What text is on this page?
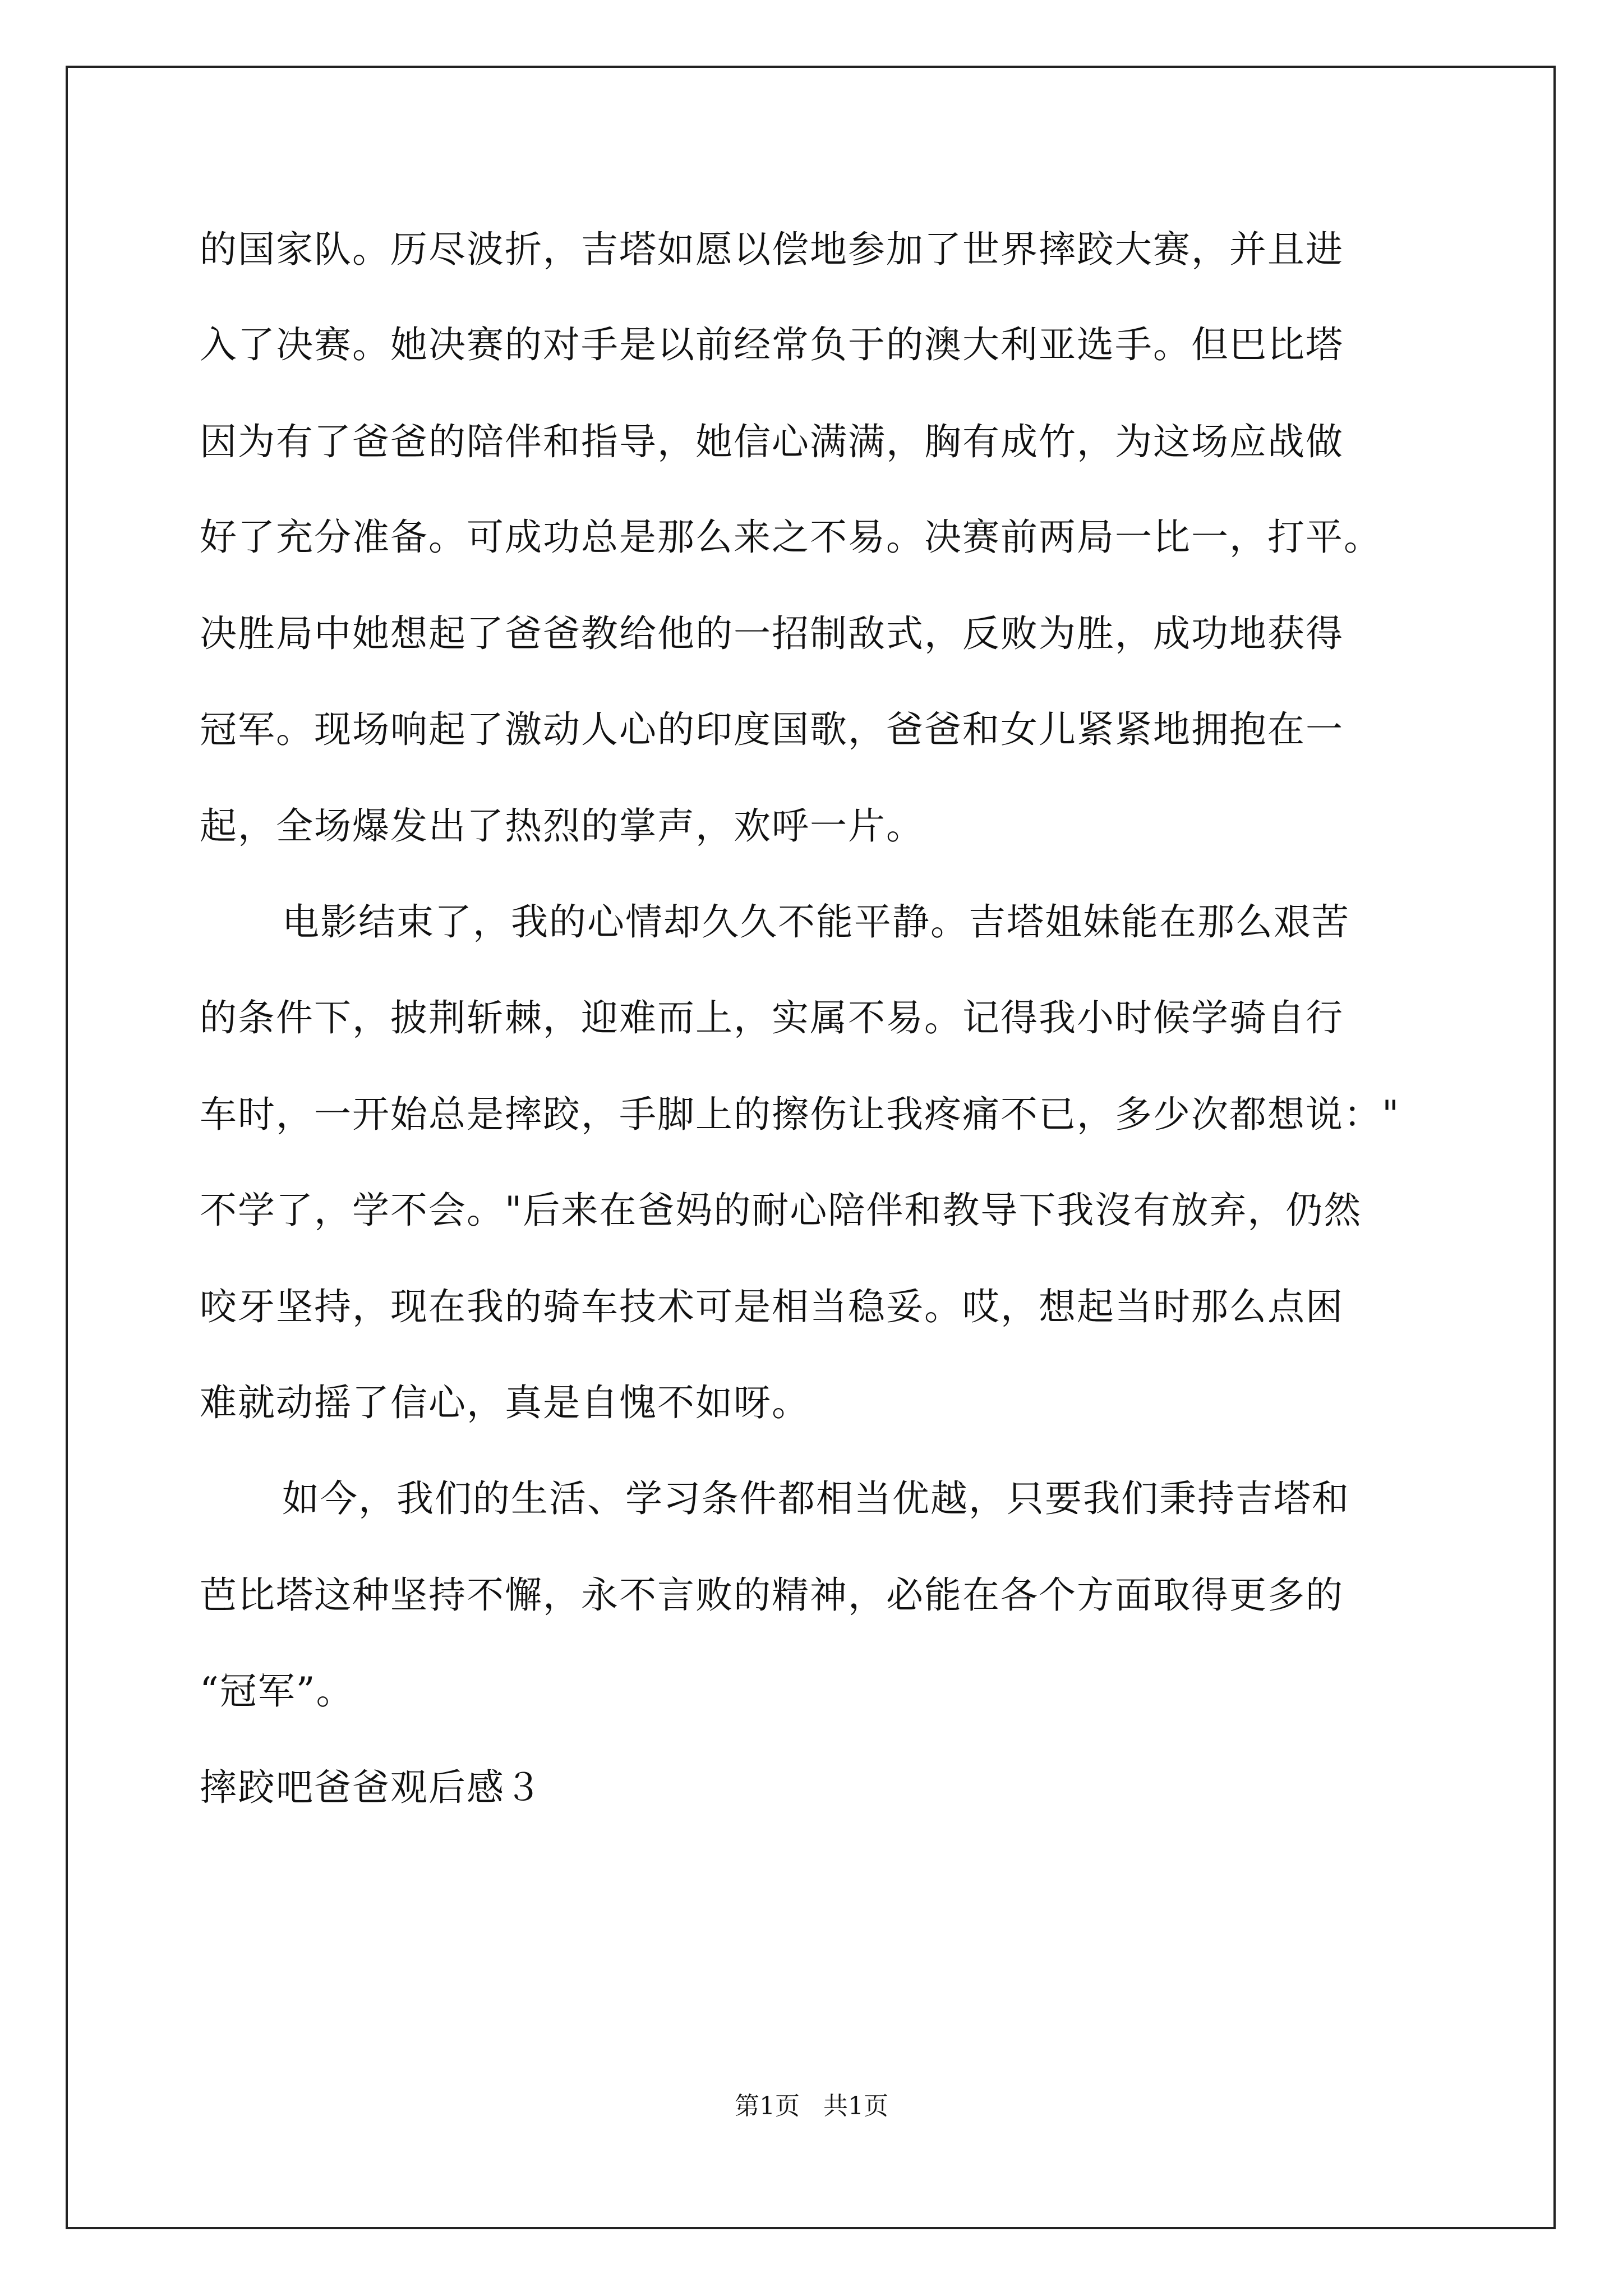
的国家队。历尽波折，吉塔如愿以偿地参加了世界摔跤大赛，并且进
入了决赛。她决赛的对手是以前经常负于的澳大利亚选手。但巴比塔
因为有了爸爸的陪伴和指导，她信心满满，胸有成竹，为这场应战做
好了充分准备。可成功总是那么来之不易。决赛前两局一比一，打平。
决胜局中她想起了爸爸教给他的一招制敌式，反败为胜，成功地获得
冠军。现场响起了激动人心的印度国歌，爸爸和女儿紧紧地拥抱在一
起，全场爆发出了热烈的掌声，欢呼一片。
电影结束了，我的心情却久久不能平静。吉塔姐妹能在那么艰苦
的条件下，披荆斩棘，迎难而上，实属不易。记得我小时候学骑自行
车时，一开始总是摔跤，手脚上的擦伤让我疼痛不已，多少次都想说："
不学了，学不会。"后来在爸妈的耐心陪伴和教导下我沒有放弃，仍然
咬牙坚持，现在我的骑车技术可是相当稳妥。哎，想起当时那么点困
难就动摇了信心，真是自愧不如呀。
如今，我们的生活、学习条件都相当优越，只要我们秉持吉塔和
芭比塔这种坚持不懈，永不言败的精神，必能在各个方面取得更多的
“冠军”。
摔跤吧爸爸观后感３
第1页   共1页
